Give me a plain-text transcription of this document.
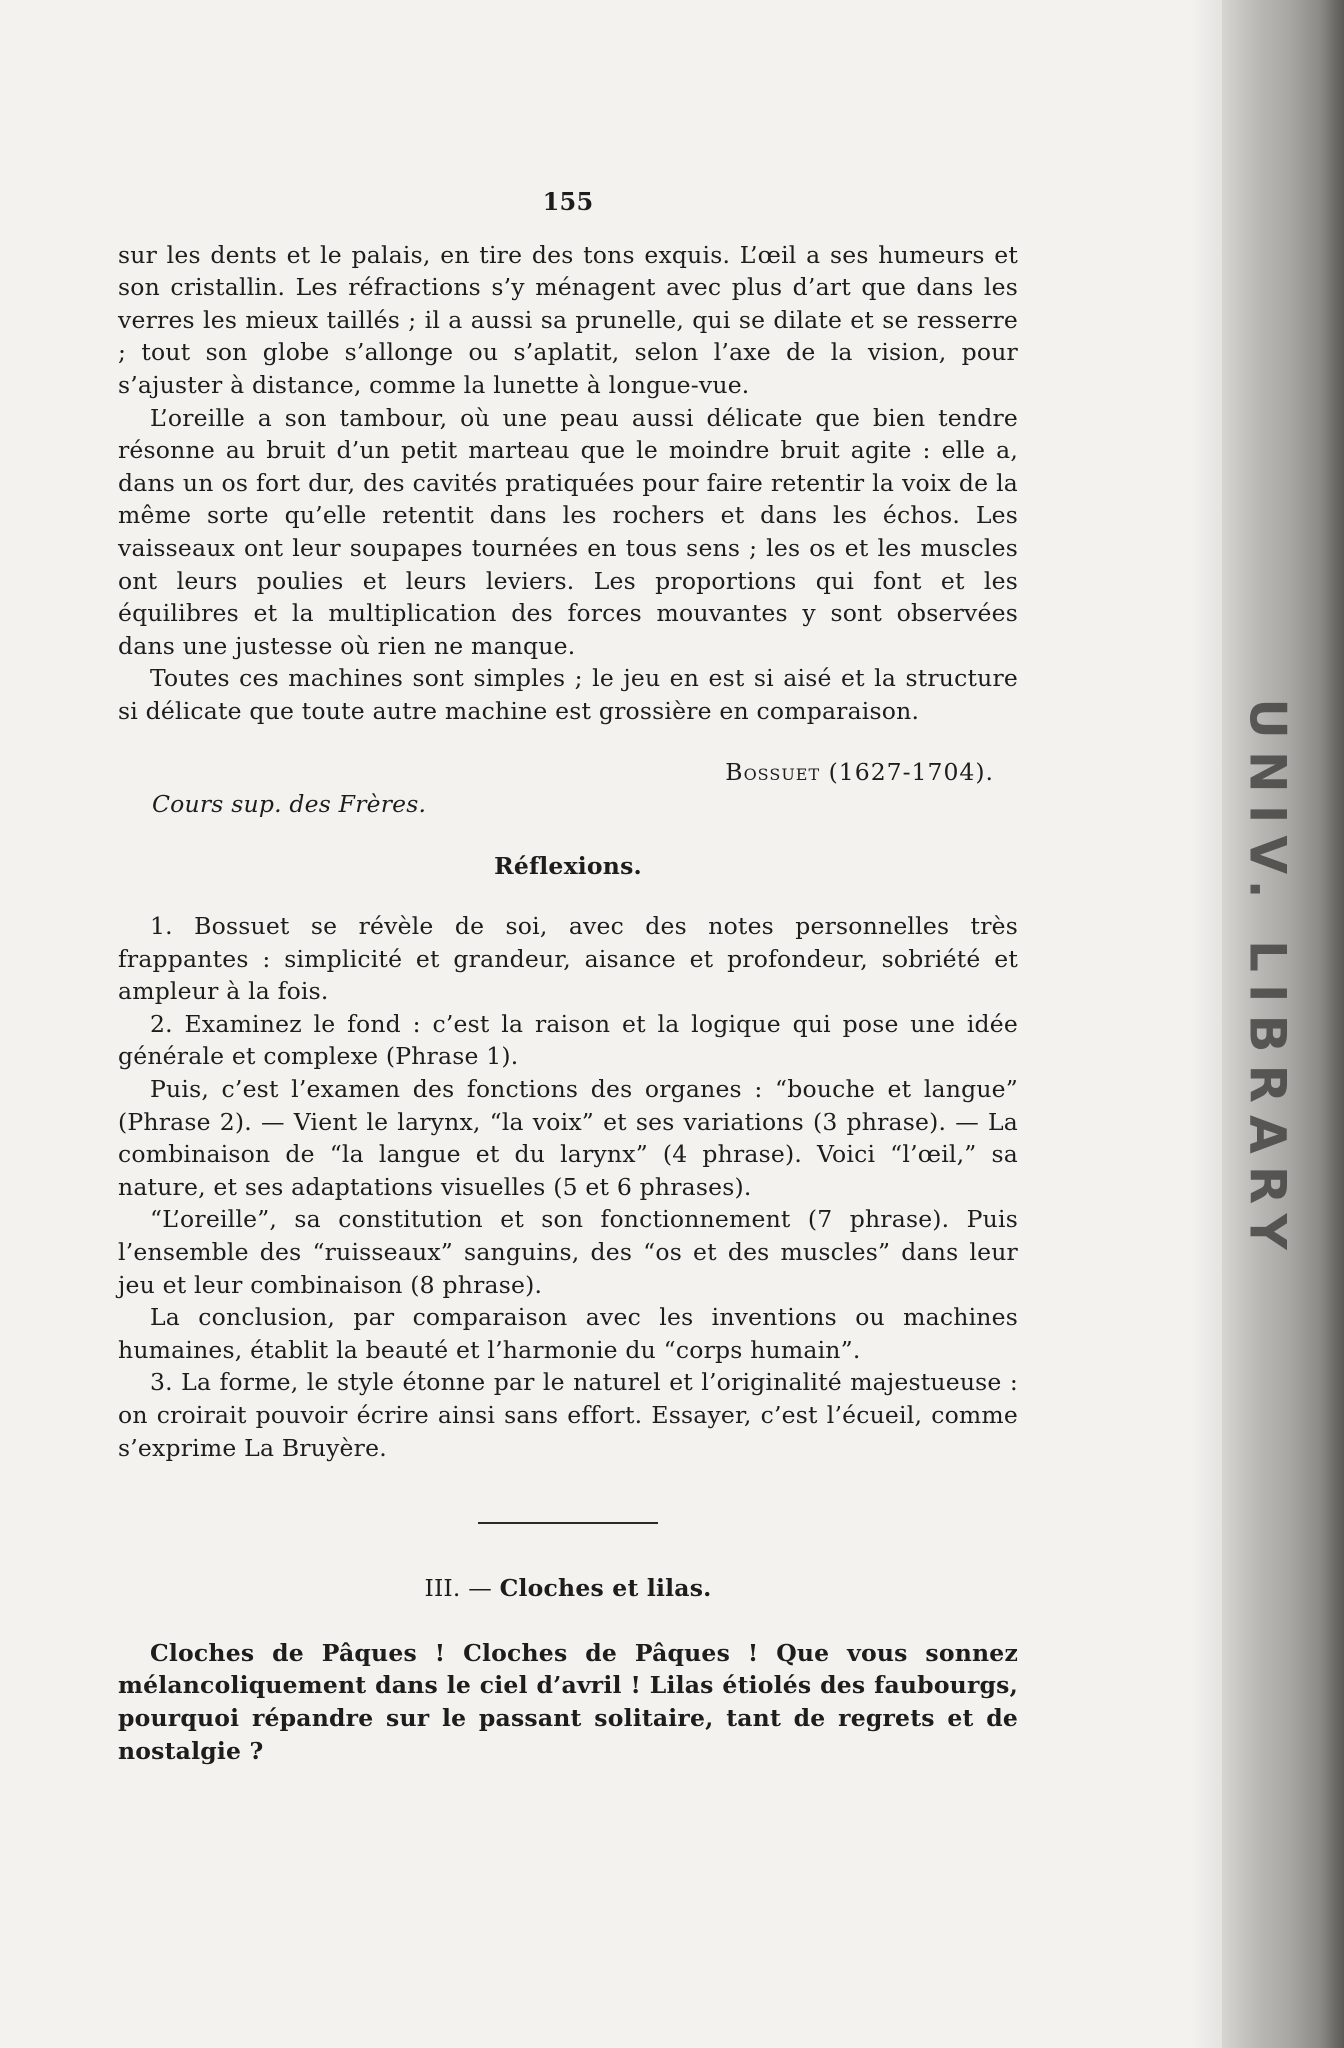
155

sur les dents et le palais, en tire des tons exquis. L’œil a ses humeurs et son cristallin. Les réfractions s’y ménagent avec plus d’art que dans les verres les mieux taillés ; il a aussi sa prunelle, qui se dilate et se resserre ; tout son globe s’allonge ou s’aplatit, selon l’axe de la vision, pour s’ajuster à distance, comme la lunette à longue-vue.

L’oreille a son tambour, où une peau aussi délicate que bien tendre résonne au bruit d’un petit marteau que le moindre bruit agite : elle a, dans un os fort dur, des cavités pratiquées pour faire retentir la voix de la même sorte qu’elle retentit dans les rochers et dans les échos. Les vaisseaux ont leur soupapes tournées en tous sens ; les os et les muscles ont leurs poulies et leurs leviers. Les proportions qui font et les équilibres et la multiplication des forces mouvantes y sont observées dans une justesse où rien ne manque.

Toutes ces machines sont simples ; le jeu en est si aisé et la structure si délicate que toute autre machine est grossière en comparaison.

Bossuet (1627-1704).
Cours sup. des Frères.
Réflexions.

1. Bossuet se révèle de soi, avec des notes personnelles très frappantes : simplicité et grandeur, aisance et profondeur, sobriété et ampleur à la fois.

2. Examinez le fond : c’est la raison et la logique qui pose une idée générale et complexe (Phrase 1).

Puis, c’est l’examen des fonctions des organes : “bouche et langue” (Phrase 2). — Vient le larynx, “la voix” et ses variations (3 phrase). — La combinaison de “la langue et du larynx” (4 phrase). Voici “l’œil,” sa nature, et ses adaptations visuelles (5 et 6 phrases).

“L’oreille”, sa constitution et son fonctionnement (7 phrase). Puis l’ensemble des “ruisseaux” sanguins, des “os et des muscles” dans leur jeu et leur combinaison (8 phrase).

La conclusion, par comparaison avec les inventions ou machines humaines, établit la beauté et l’harmonie du “corps humain”.

3. La forme, le style étonne par le naturel et l’originalité majestueuse : on croirait pouvoir écrire ainsi sans effort. Essayer, c’est l’écueil, comme s’exprime La Bruyère.

III. — Cloches et lilas.

Cloches de Pâques ! Cloches de Pâques ! Que vous sonnez mélancoliquement dans le ciel d’avril ! Lilas étiolés des faubourgs, pourquoi répandre sur le passant solitaire, tant de regrets et de nostalgie ?

UNIV. LIBRARY
